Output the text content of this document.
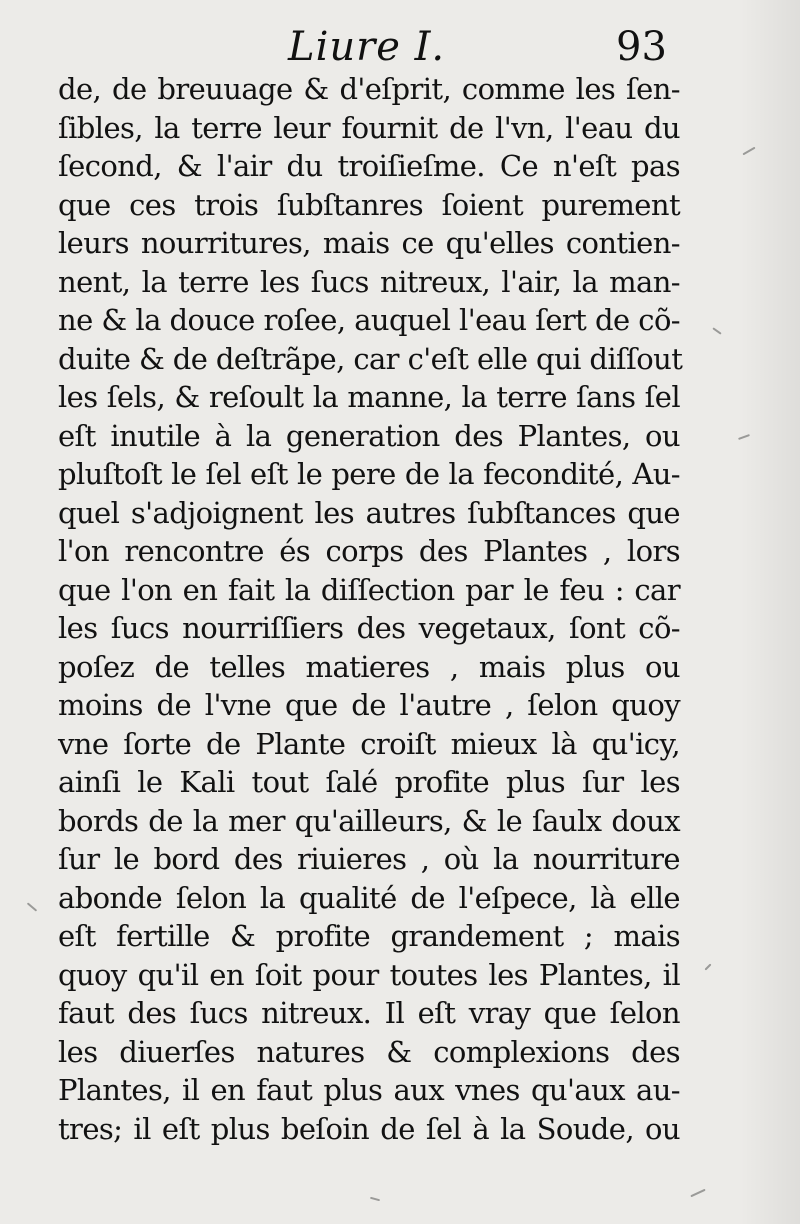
Liure I.	93
de, de breuuage & d'eſprit, comme les ſen-
ſibles, la terre leur fournit de l'vn, l'eau du
ſecond, & l'air du troiſieſme. Ce n'eſt pas
que ces trois ſubſtanres ſoient purement
leurs nourritures, mais ce qu'elles contien-
nent, la terre les ſucs nitreux, l'air, la man-
ne & la douce roſee, auquel l'eau ſert de cõ-
duite & de deſtrãpe, car c'eſt elle qui diſſout
les ſels, & reſoult la manne, la terre ſans ſel
eſt inutile à la generation des Plantes, ou
pluſtoſt le ſel eſt le pere de la fecondité, Au-
quel s'adjoignent les autres ſubſtances que
l'on rencontre és corps des Plantes , lors
que l'on en fait la diſſection par le feu : car
les ſucs nourriſſiers des vegetaux, ſont cõ-
poſez de telles matieres , mais plus ou
moins de l'vne que de l'autre , ſelon quoy
vne ſorte de Plante croiſt mieux là qu'icy,
ainſi le Kali tout ſalé profite plus ſur les
bords de la mer qu'ailleurs, & le ſaulx doux
ſur le bord des riuieres , où la nourriture
abonde ſelon la qualité de l'eſpece, là elle
eſt fertille & profite grandement ; mais
quoy qu'il en ſoit pour toutes les Plantes, il
faut des ſucs nitreux. Il eſt vray que ſelon
les diuerſes natures & complexions des
Plantes, il en faut plus aux vnes qu'aux au-
tres; il eſt plus beſoin de ſel à la Soude, ou
